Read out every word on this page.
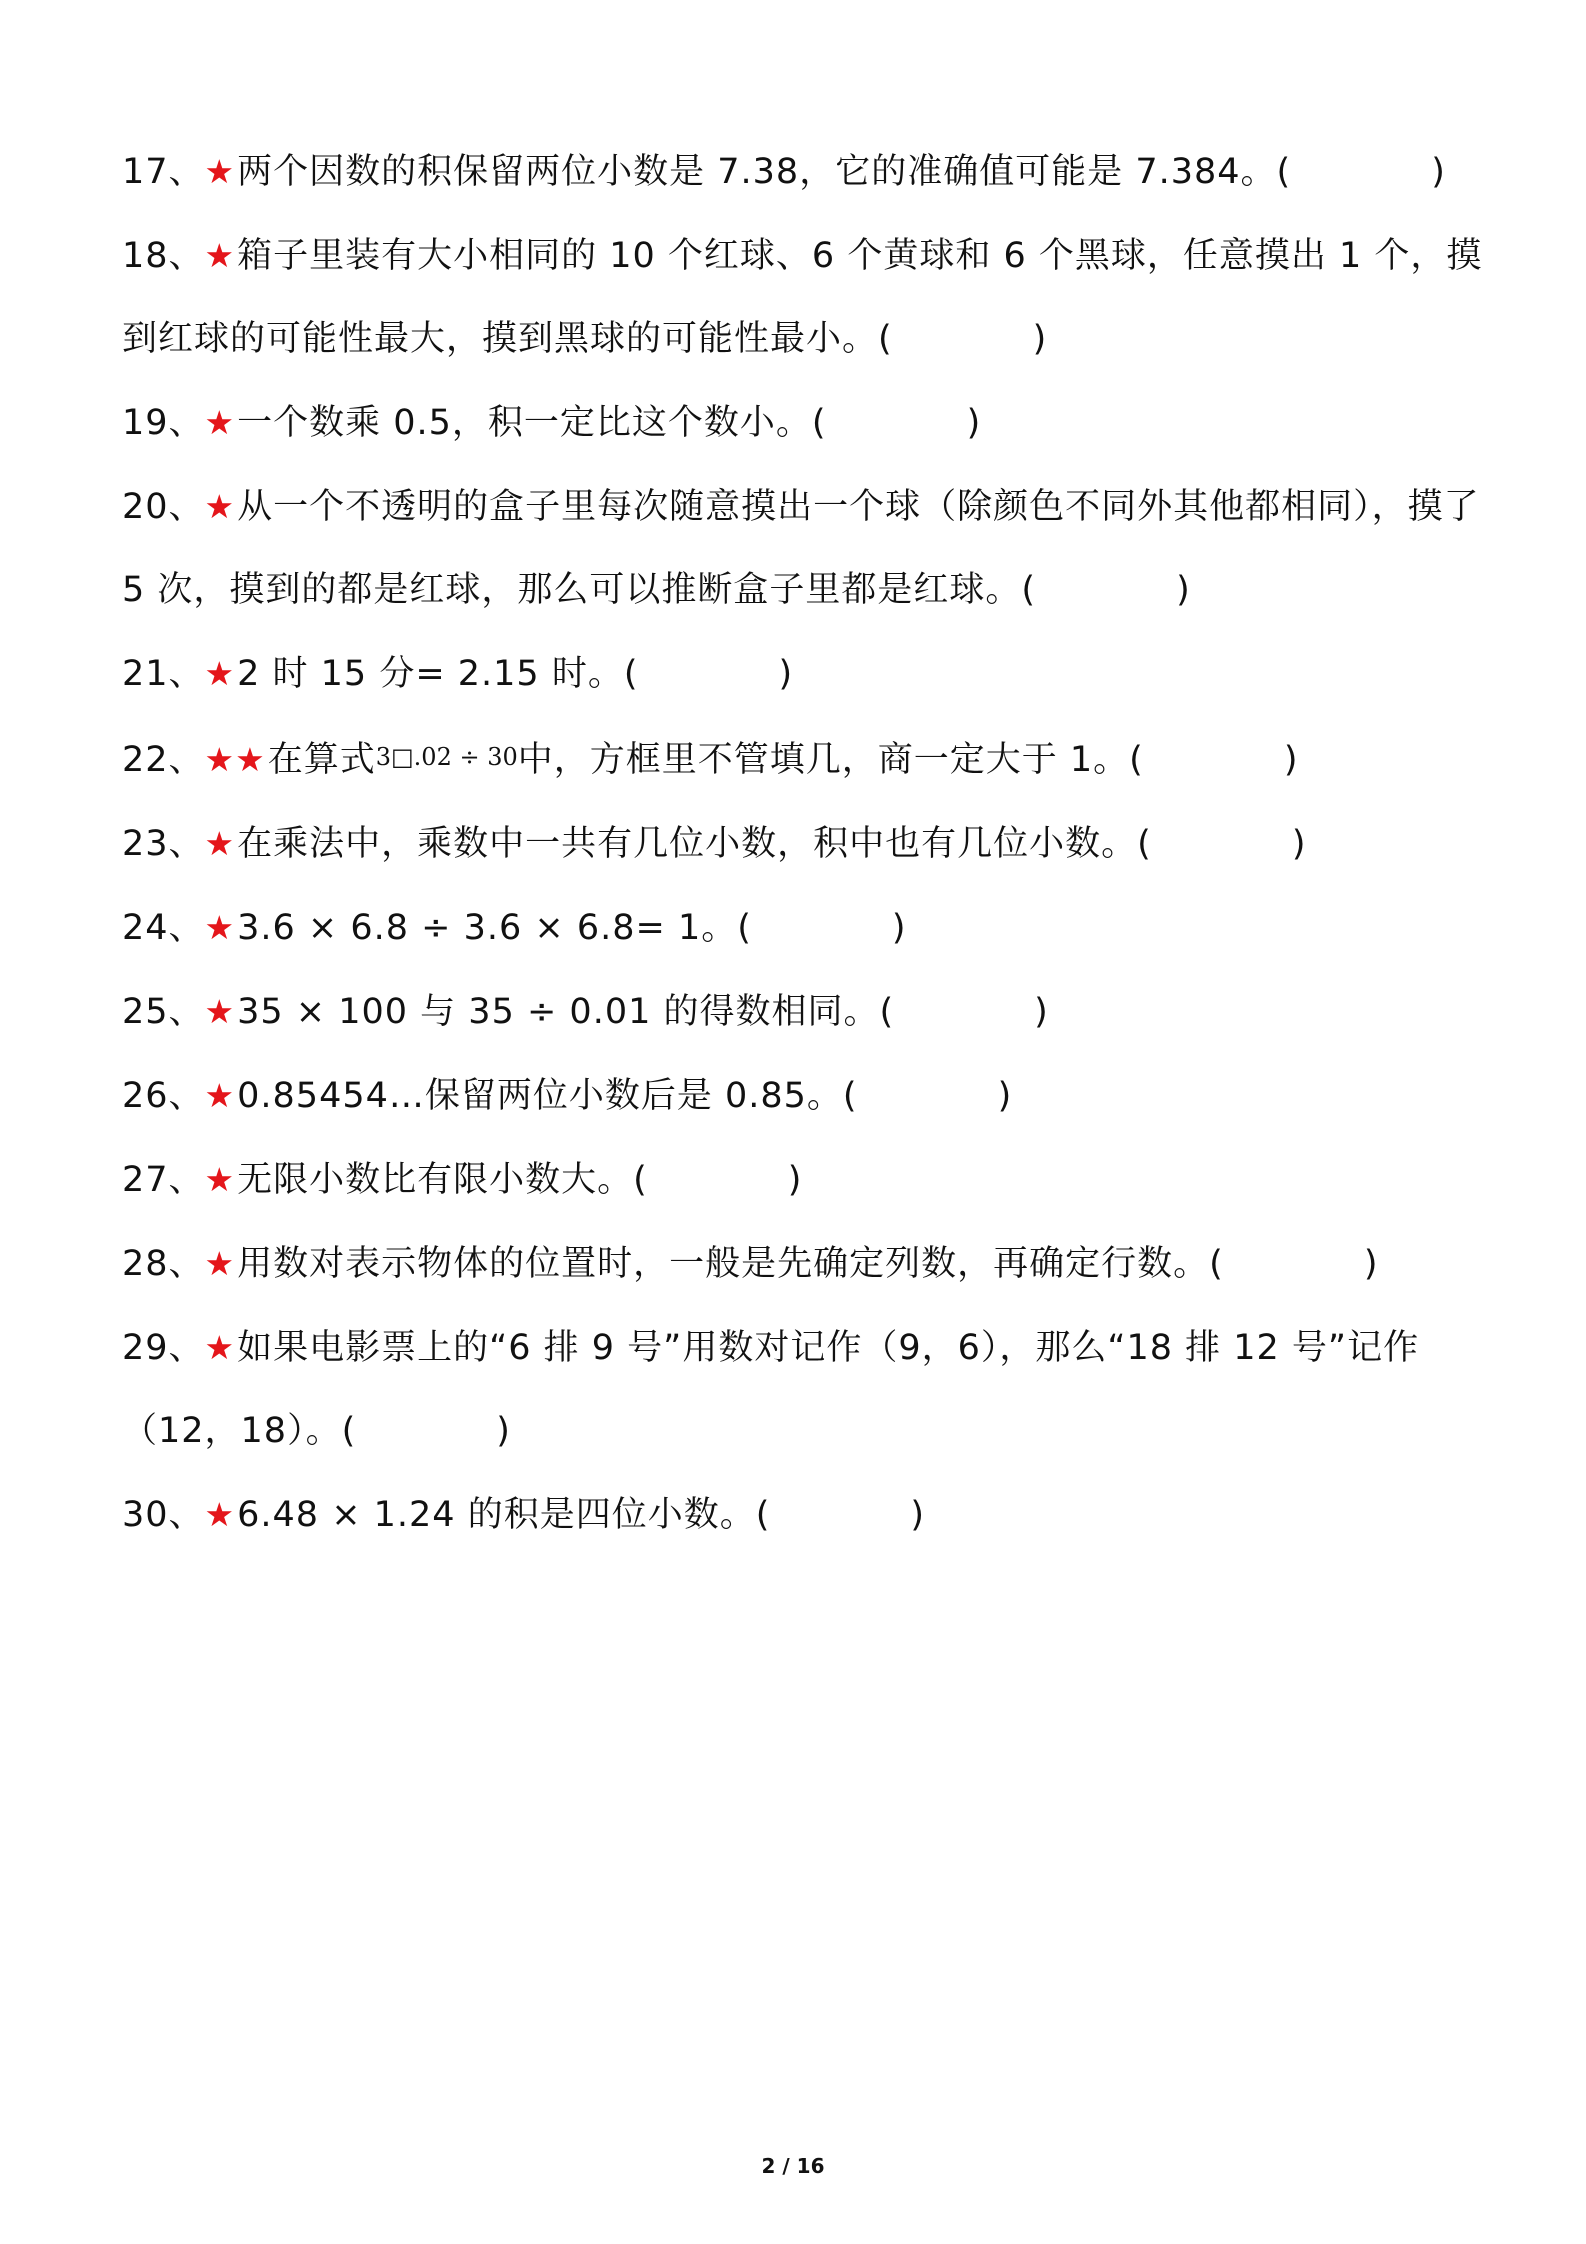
17、★两个因数的积保留两位小数是 7.38，它的准确值可能是 7.384。(	)
18、★箱子里装有大小相同的 10 个红球、6 个黄球和 6 个黑球，任意摸出 1 个，摸到红球的可能性最大，摸到黑球的可能性最小。(	)
19、★一个数乘 0.5，积一定比这个数小。(	)
20、★从一个不透明的盒子里每次随意摸出一个球（除颜色不同外其他都相同），摸了 5 次，摸到的都是红球，那么可以推断盒子里都是红球。(	)
21、★2 时 15 分= 2.15 时。(	)
22、★★在算式3□.02 ÷ 30中，方框里不管填几，商一定大于 1。(	)
23、★在乘法中，乘数中一共有几位小数，积中也有几位小数。(	)
24、★3.6 × 6.8 ÷ 3.6 × 6.8= 1。(	)
25、★35 × 100 与 35 ÷ 0.01 的得数相同。(	)
26、★0.85454…保留两位小数后是 0.85。(	)
27、★无限小数比有限小数大。(	)
28、★用数对表示物体的位置时，一般是先确定列数，再确定行数。(	)
29、★如果电影票上的“6 排 9 号”用数对记作（9，6），那么“18 排 12 号”记作（12，18）。(	)
30、★6.48 × 1.24 的积是四位小数。(	)
2 / 16
